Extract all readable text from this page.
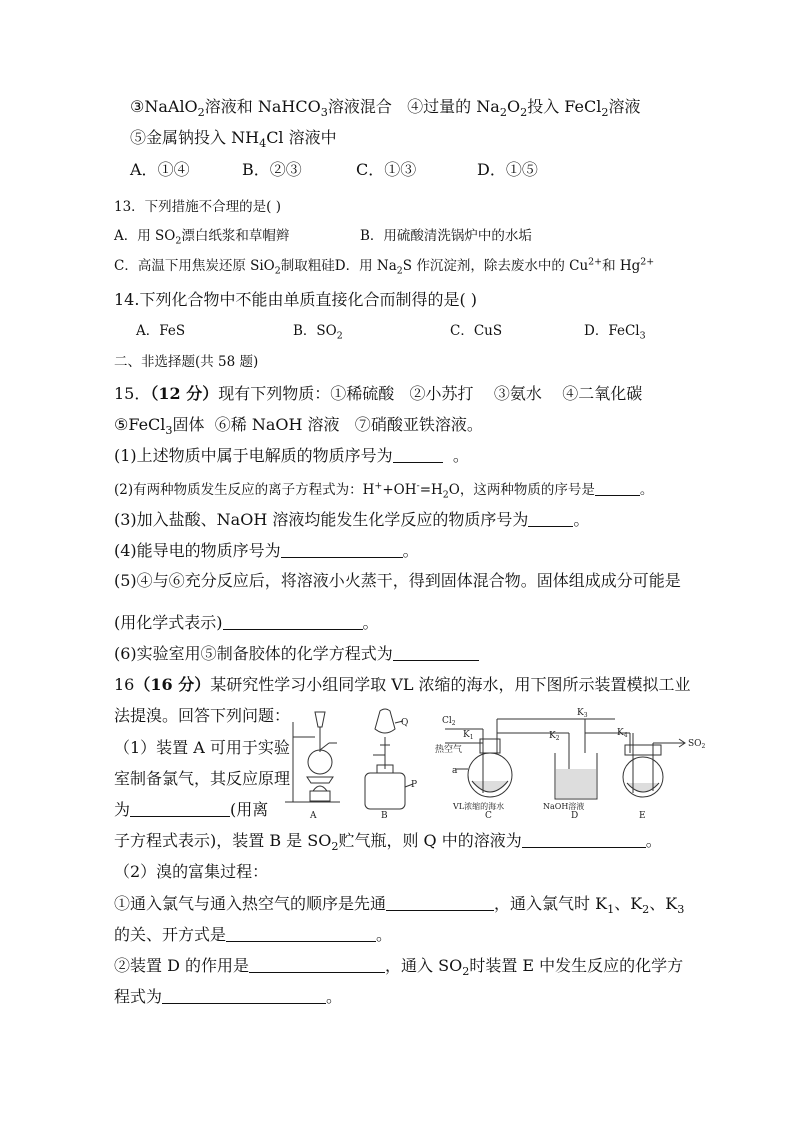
③NaAlO$_2$溶液和 NaHCO$_3$溶液混合 ④过量的 $Na_2O_2$投入 FeCl$_2$溶液
⑤金属钠投入 $NH_4Cl$ 溶液中
A．①④	B．②③	C．①③	D．①⑤
13．下列措施不合理的是( )
A．用 $SO_2$漂白纸浆和草帽辫	B．用硫酸清洗锅炉中的水垢
C．高温下用焦炭还原 SiO$_2$制取粗硅D．用 $Na_2S$ 作沉淀剂，除去废水中的 $Cu^{2+}$和 $Hg^{2+}$
14.下列化合物中不能由单质直接化合而制得的是( )
A．FeS	B．$SO_2$	C．CuS	D．FeCl$_3$
二、非选择题(共 58 题)
15．（12 分）现有下列物质：①稀硫酸 ②小苏打 ③氨水 ④二氧化碳
⑤FeCl$_3$固体 ⑥稀 NaOH 溶液 ⑦硝酸亚铁溶液。
(1)上述物质中属于电解质的物质序号为	。
(2)有两种物质发生反应的离子方程式为：$H^++OH^-=H_2O$，这两种物质的序号是	。
(3)加入盐酸、NaOH 溶液均能发生化学反应的物质序号为	。
(4)能导电的物质序号为	。
(5)④与⑥充分反应后，将溶液小火蒸干，得到固体混合物。固体组成成分可能是
(用化学式表示)	。
(6)实验室用⑤制备胶体的化学方程式为
16（16 分）某研究性学习小组同学取 VL 浓缩的海水，用下图所示装置模拟工业
法提溴。回答下列问题：
（1）装置 A 可用于实验
室制备氯气，其反应原理
为	(用离
子方程式表示)，装置 B 是 $SO_2$贮气瓶，则 Q 中的溶液为	。
（2）溴的富集过程：
①通入氯气与通入热空气的顺序是先通	，通入氯气时 $K_1$、$K_2$、$K_3$
的关、开方式是	。
②装置 D 的作用是	，通入 $SO_2$时装置 E 中发生反应的化学方
程式为	。
A	B
Q
P
$Cl_2$
热空气
$K_1$
a
VL浓缩的海水
C
$K_3$
$K_2$
$K_4$
NaOH溶液
D	E
$SO_2$
